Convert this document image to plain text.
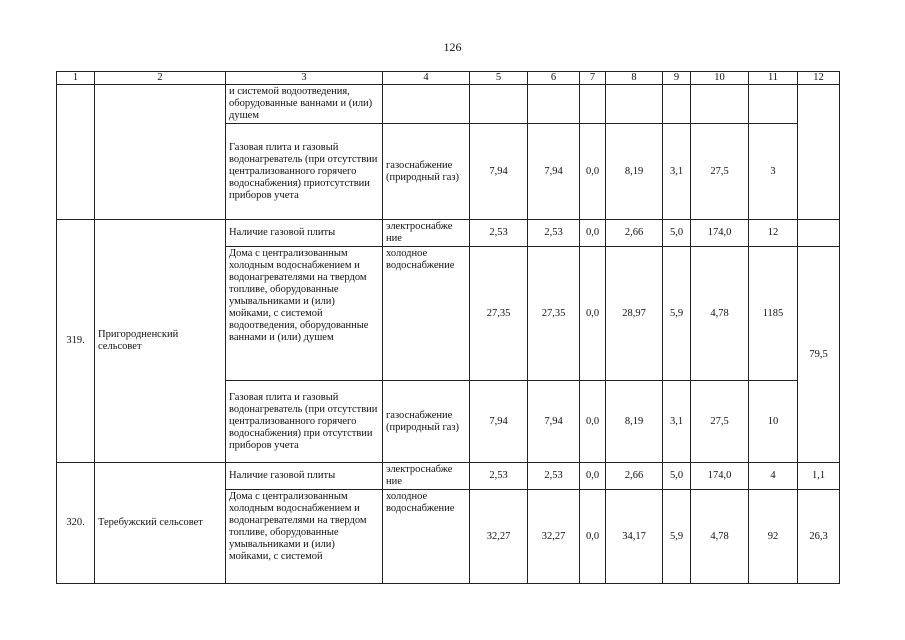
126
1	2	3	4	5	6	7	8	9	10	11	12
		и системой водоотведения, оборудованные ваннами и (или) душем									
		Газовая плита и газовый водонагреватель (при отсутствии централизованного горячего водоснабжения) приотсутствии приборов учета	газоснабжение (природный газ)	7,94	7,94	0,0	8,19	3,1	27,5	3	
319.	Пригородненский сельсовет	Наличие газовой плиты	электроснабже ние	2,53	2,53	0,0	2,66	5,0	174,0	12	
		Дома с централизованным холодным водоснабжением и водонагревателями на твердом топливе, оборудованные умывальниками и (или) мойками, с системой водоотведения, оборудованные ваннами и (или) душем	холодное водоснабжение	27,35	27,35	0,0	28,97	5,9	4,78	1185	79,5
		Газовая плита и газовый водонагреватель (при отсутствии централизованного горячего водоснабжения) при отсутствии приборов учета	газоснабжение (природный газ)	7,94	7,94	0,0	8,19	3,1	27,5	10	
320.	Теребужский сельсовет	Наличие газовой плиты	электроснабже ние	2,53	2,53	0,0	2,66	5,0	174,0	4	1,1
		Дома с централизованным холодным водоснабжением и водонагревателями на твердом топливе, оборудованные умывальниками и (или) мойками, с системой	холодное водоснабжение	32,27	32,27	0,0	34,17	5,9	4,78	92	26,3
